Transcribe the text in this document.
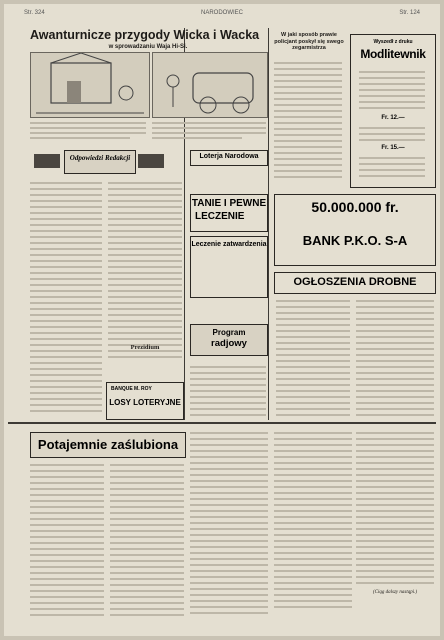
Str. 324	NARODOWIEC	Str. 124
Awanturnicze przygody Wicka i Wacka
w sprowadzaniu Waja Hi-Si.
W jaki sposób prawie policjant poskył się swego zegarmistrza
Wyszedł z druku
Modlitewnik
Fr. 12.—
Fr. 15.—
Odpowiedzi Redakcji
Prezidium
BANQUE M. ROY
LOSY LOTERYJNE
Loterja Narodowa
TANIE I PEWNE
LECZENIE
Leczenie zatwardzenia
Program
radjowy
50.000.000 fr.
BANK P.K.O. S-A
OGŁOSZENIA DROBNE
Potajemnie zaślubiona
(Ciąg dalszy nastąpi.)
